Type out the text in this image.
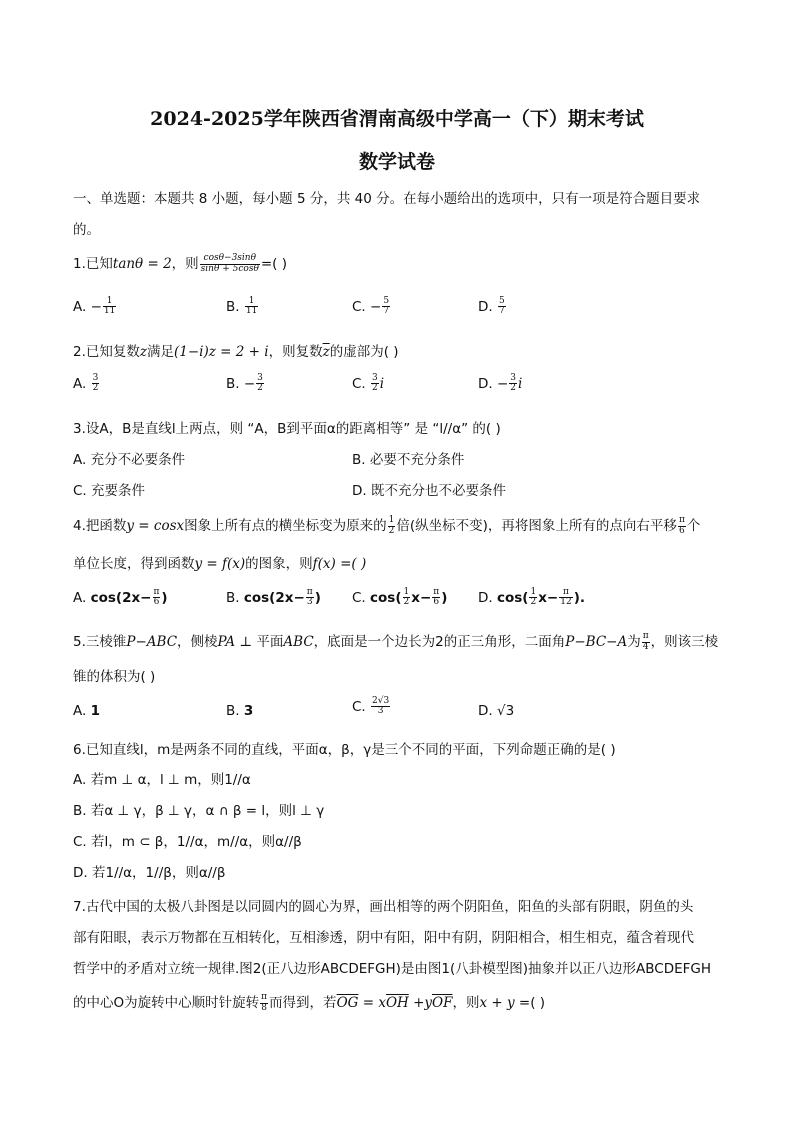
2024-2025学年陕西省渭南高级中学高一（下）期末考试
数学试卷
一、单选题：本题共 8 小题，每小题 5 分，共 40 分。在每小题给出的选项中，只有一项是符合题目要求
的。
1.已知tanθ = 2，则 $\frac{\cos\theta-3\sin\theta}{\sin\theta + 5\cos\theta}$ =( )
A. − $\frac{1}{11}$	B. $\frac{1}{11}$	C. − $\frac{5}{7}$	D. $\frac{5}{7}$
2.已知复数z满足(1−i)z = 2 + i，则复数$\overline{z}$的虚部为( )
A. $\frac{3}{2}$	B. − $\frac{3}{2}$	C. $\frac{3}{2}$ i	D. − $\frac{3}{2}$ i
3.设A，B是直线l上两点，则 “A，B到平面α的距离相等” 是 “l//α” 的( )
A. 充分不必要条件	B. 必要不充分条件
C. 充要条件	D. 既不充分也不必要条件
4.把函数y = cosx图象上所有点的横坐标变为原来的 $\frac{1}{2}$ 倍(纵坐标不变)，再将图象上所有的点向右平移 $\frac{\pi}{6}$ 个
单位长度，得到函数y = f(x)的图象，则f(x) =( )
A. $\cos(2x- \frac{\pi}{6}$ )	B. $\cos(2x- \frac{\pi}{3}$ ) C. $\cos( \frac{1}{2} x- \frac{\pi}{6}$ ) D. $\cos( \frac{1}{2} x- \frac{\pi}{12}$ ).
5.三棱锥P−ABC，侧棱PA ⊥ 平面ABC，底面是一个边长为2的正三角形，二面角P−BC−A为 $\frac{\pi}{4}$ ，则该三棱
锥的体积为( )
A. 1	B. 3	C. $\frac{2√3}{3}$	D. √3
6.已知直线l，m是两条不同的直线，平面α，β，γ是三个不同的平面，下列命题正确的是( )
A. 若m ⊥ α，l ⊥ m，则1//α
B. 若α ⊥ γ，β ⊥ γ，α ∩ β = l，则l ⊥ γ
C. 若l，m ⊂ β，1//α，m//α，则α//β
D. 若1//α，1//β，则α//β
7.古代中国的太极八卦图是以同圆内的圆心为界，画出相等的两个阴阳鱼，阳鱼的头部有阴眼，阴鱼的头
部有阳眼，表示万物都在互相转化，互相渗透，阴中有阳，阳中有阴，阴阳相合，相生相克，蕴含着现代
哲学中的矛盾对立统一规律.图2(正八边形ABCDEFGH)是由图1(八卦模型图)抽象并以正八边形ABCDEFGH
的中心O为旋转中心顺时针旋转 $\frac{\pi}{8}$ 而得到，若$\overline{OG} = x\overline{OH} +y\overline{OF}$，则x + y =( )
